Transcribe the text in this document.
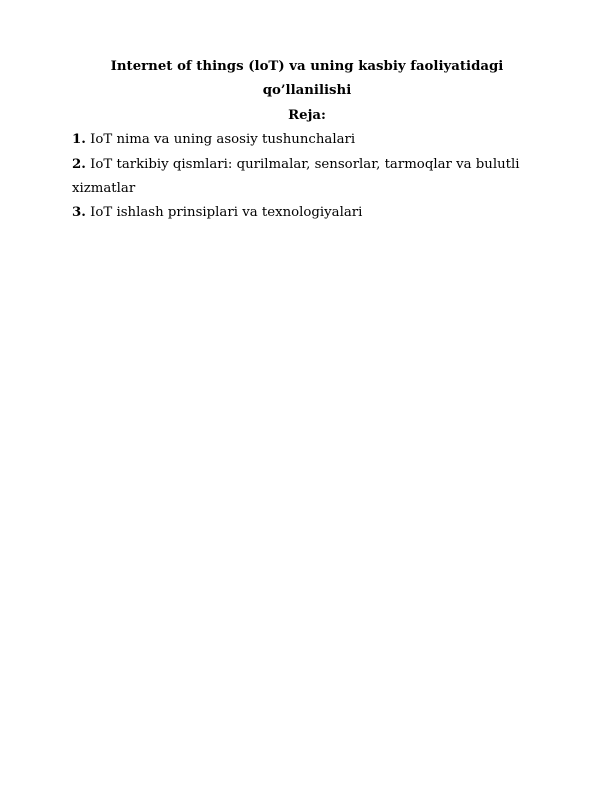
Internet of things (loT) va uning kasbiy faoliyatidagi qo’llanilishi

Reja:

1. IoT nima va uning asosiy tushunchalari
2. IoT tarkibiy qismlari: qurilmalar, sensorlar, tarmoqlar va bulutli xizmatlar
3. IoT ishlash prinsiplari va texnologiyalari
